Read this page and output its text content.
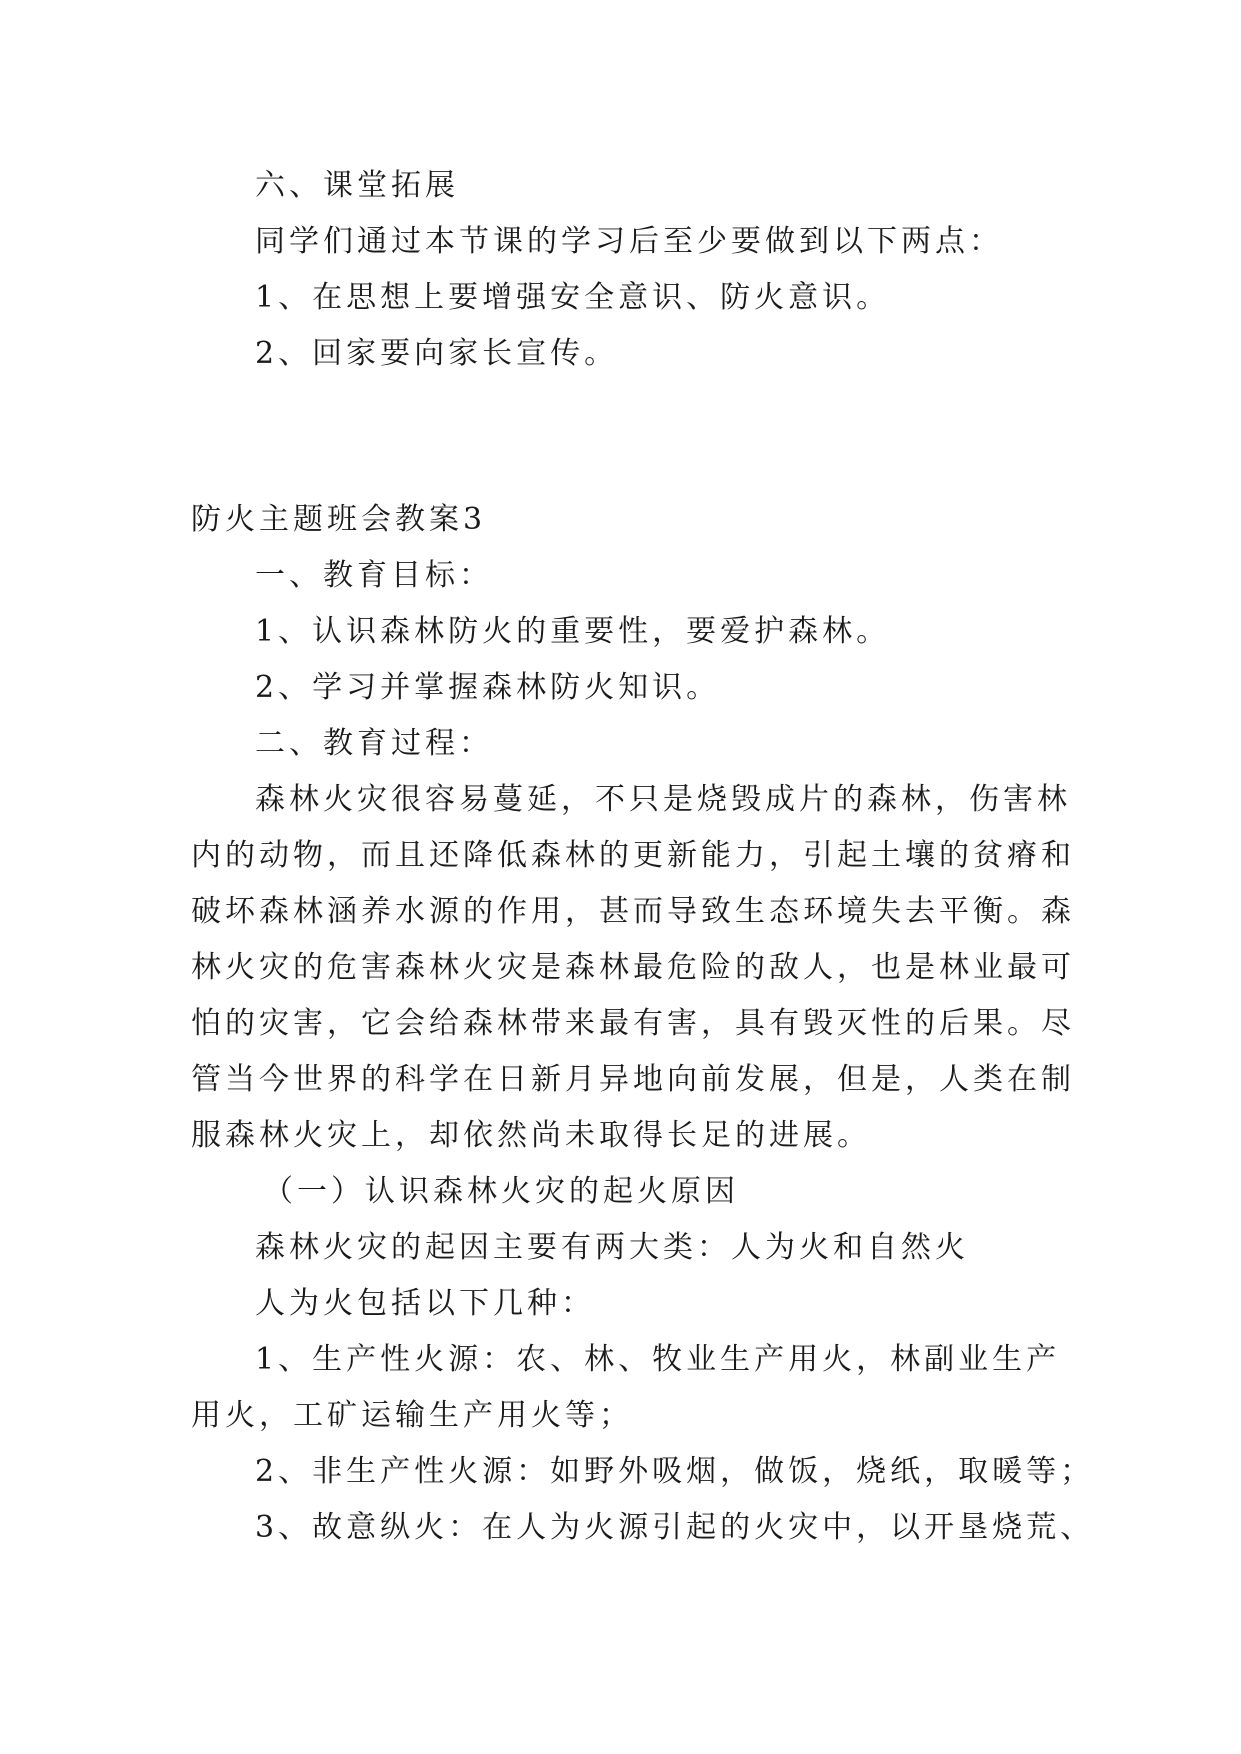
六、课堂拓展
同学们通过本节课的学习后至少要做到以下两点：
1、在思想上要增强安全意识、防火意识。
2、回家要向家长宣传。
防火主题班会教案3
一、教育目标：
1、认识森林防火的重要性，要爱护森林。
2、学习并掌握森林防火知识。
二、教育过程：
森林火灾很容易蔓延，不只是烧毁成片的森林，伤害林
内的动物，而且还降低森林的更新能力，引起土壤的贫瘠和
破坏森林涵养水源的作用，甚而导致生态环境失去平衡。森
林火灾的危害森林火灾是森林最危险的敌人，也是林业最可
怕的灾害，它会给森林带来最有害，具有毁灭性的后果。尽
管当今世界的科学在日新月异地向前发展，但是，人类在制
服森林火灾上，却依然尚未取得长足的进展。
（一）认识森林火灾的起火原因
森林火灾的起因主要有两大类：人为火和自然火
人为火包括以下几种：
1、生产性火源：农、林、牧业生产用火，林副业生产
用火，工矿运输生产用火等；
2、非生产性火源：如野外吸烟，做饭，烧纸，取暖等；
3、故意纵火：在人为火源引起的火灾中，以开垦烧荒、
